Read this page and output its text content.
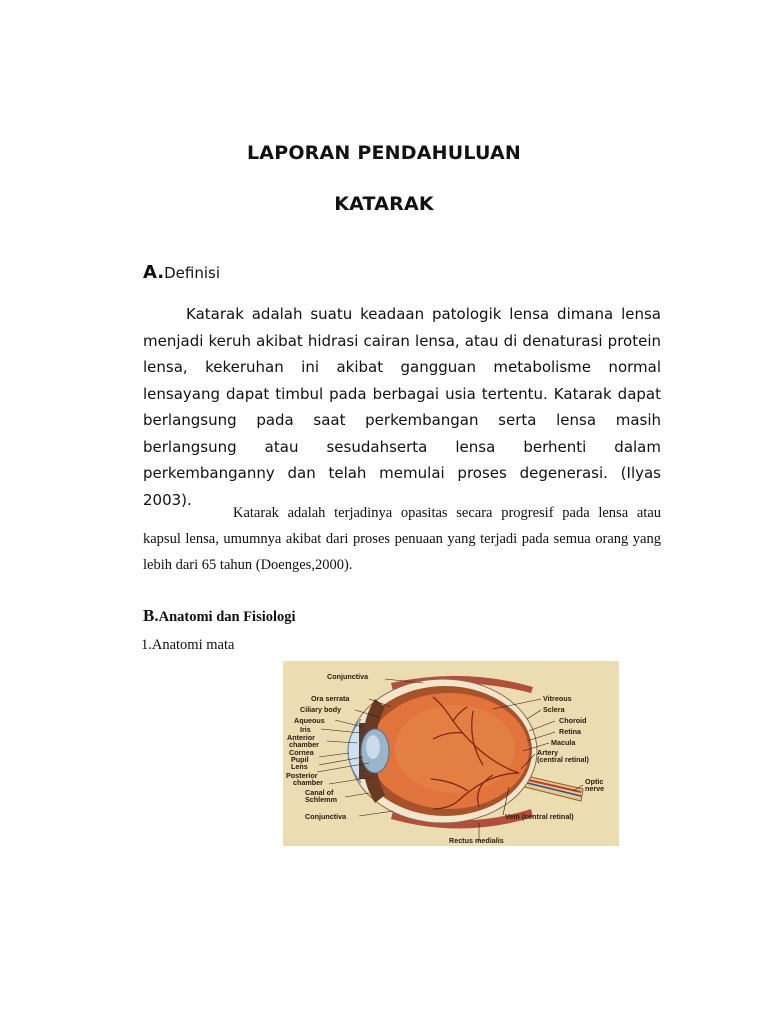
LAPORAN PENDAHULUAN
KATARAK
A.Definisi

Katarak adalah suatu keadaan patologik lensa dimana lensa menjadi keruh akibat hidrasi cairan lensa, atau di denaturasi protein lensa, kekeruhan ini akibat gangguan metabolisme normal lensayang dapat timbul pada berbagai usia tertentu. Katarak dapat berlangsung pada saat perkembangan serta lensa masih berlangsung atau sesudahserta lensa berhenti dalam perkembanganny dan telah memulai proses degenerasi. (Ilyas 2003).

Katarak adalah terjadinya opasitas secara progresif pada lensa atau kapsul lensa, umumnya akibat dari proses penuaan yang terjadi pada semua orang yang lebih dari 65 tahun (Doenges,2000).

B.Anatomi dan Fisiologi
1.Anatomi mata
Conjunctiva
Ora serrata
Ciliary body
Aqueous
Iris
Anterior
chamber
Cornea
Pupil
Lens
Posterior
chamber
Canal of
Schlemm
Conjunctiva
Vitreous
Sclera
Choroid
Retina
Macula
Artery
(central retinal)
Optic
nerve
Vein (central retinal)
Rectus medialis
